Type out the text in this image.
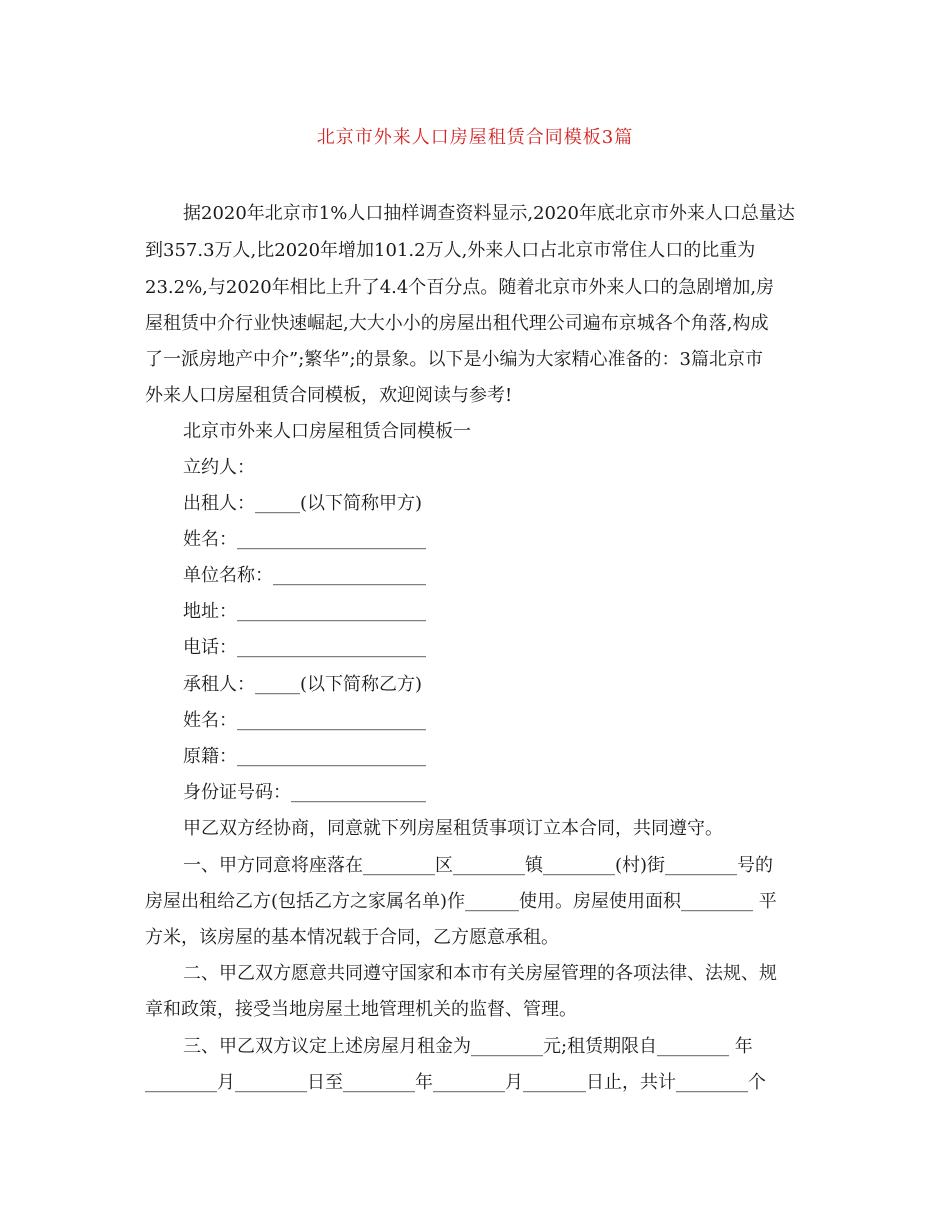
北京市外来人口房屋租赁合同模板3篇
据2020年北京市1%人口抽样调查资料显示,2020年底北京市外来人口总量达
到357.3万人,比2020年增加101.2万人,外来人口占北京市常住人口的比重为
23.2%,与2020年相比上升了4.4个百分点。随着北京市外来人口的急剧增加,房
屋租赁中介行业快速崛起,大大小小的房屋出租代理公司遍布京城各个角落,构成
了一派房地产中介”;繁华”;的景象。以下是小编为大家精心准备的：3篇北京市
外来人口房屋租赁合同模板，欢迎阅读与参考!
北京市外来人口房屋租赁合同模板一
立约人：
出租人：_____(以下简称甲方)
姓名：_____________________
单位名称：_________________
地址：_____________________
电话：_____________________
承租人：_____(以下简称乙方)
姓名：_____________________
原籍：_____________________
身份证号码：_______________
甲乙双方经协商，同意就下列房屋租赁事项订立本合同，共同遵守。
一、甲方同意将座落在________区________镇________(村)街________号的
房屋出租给乙方(包括乙方之家属名单)作______使用。房屋使用面积________ 平
方米，该房屋的基本情况载于合同，乙方愿意承租。
二、甲乙双方愿意共同遵守国家和本市有关房屋管理的各项法律、法规、规
章和政策，接受当地房屋土地管理机关的监督、管理。
三、甲乙双方议定上述房屋月租金为________元;租赁期限自________ 年
________月________日至________年________月_______日止，共计________个
